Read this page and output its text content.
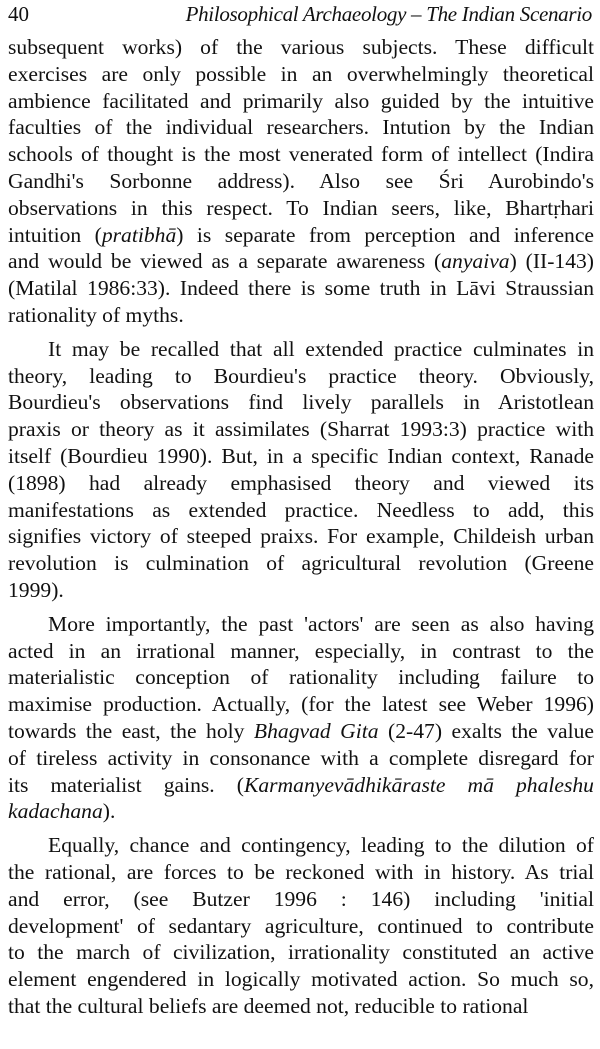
40	Philosophical Archaeology – The Indian Scenario
subsequent works) of the various subjects. These difficult
exercises are only possible in an overwhelmingly theoretical
ambience facilitated and primarily also guided by the intuitive
faculties of the individual researchers. Intution by the Indian
schools of thought is the most venerated form of intellect (Indira
Gandhi's Sorbonne address). Also see Śri Aurobindo's
observations in this respect. To Indian seers, like, Bhartṛhari
intuition (pratibhā) is separate from perception and inference
and would be viewed as a separate awareness (anyaiva) (II-143)
(Matilal 1986:33). Indeed there is some truth in Lāvi Straussian
rationality of myths.
It may be recalled that all extended practice culminates in
theory, leading to Bourdieu's practice theory. Obviously,
Bourdieu's observations find lively parallels in Aristotlean
praxis or theory as it assimilates (Sharrat 1993:3) practice with
itself (Bourdieu 1990). But, in a specific Indian context, Ranade
(1898) had already emphasised theory and viewed its
manifestations as extended practice. Needless to add, this
signifies victory of steeped praixs. For example, Childeish urban
revolution is culmination of agricultural revolution (Greene
1999).
More importantly, the past 'actors' are seen as also having
acted in an irrational manner, especially, in contrast to the
materialistic conception of rationality including failure to
maximise production. Actually, (for the latest see Weber 1996)
towards the east, the holy Bhagvad Gita (2-47) exalts the value
of tireless activity in consonance with a complete disregard for
its materialist gains. (Karmanyevādhikāraste mā phaleshu
kadachana).
Equally, chance and contingency, leading to the dilution of
the rational, are forces to be reckoned with in history. As trial
and error, (see Butzer 1996 : 146) including 'initial
development' of sedantary agriculture, continued to contribute
to the march of civilization, irrationality constituted an active
element engendered in logically motivated action. So much so,
that the cultural beliefs are deemed not, reducible to rational
